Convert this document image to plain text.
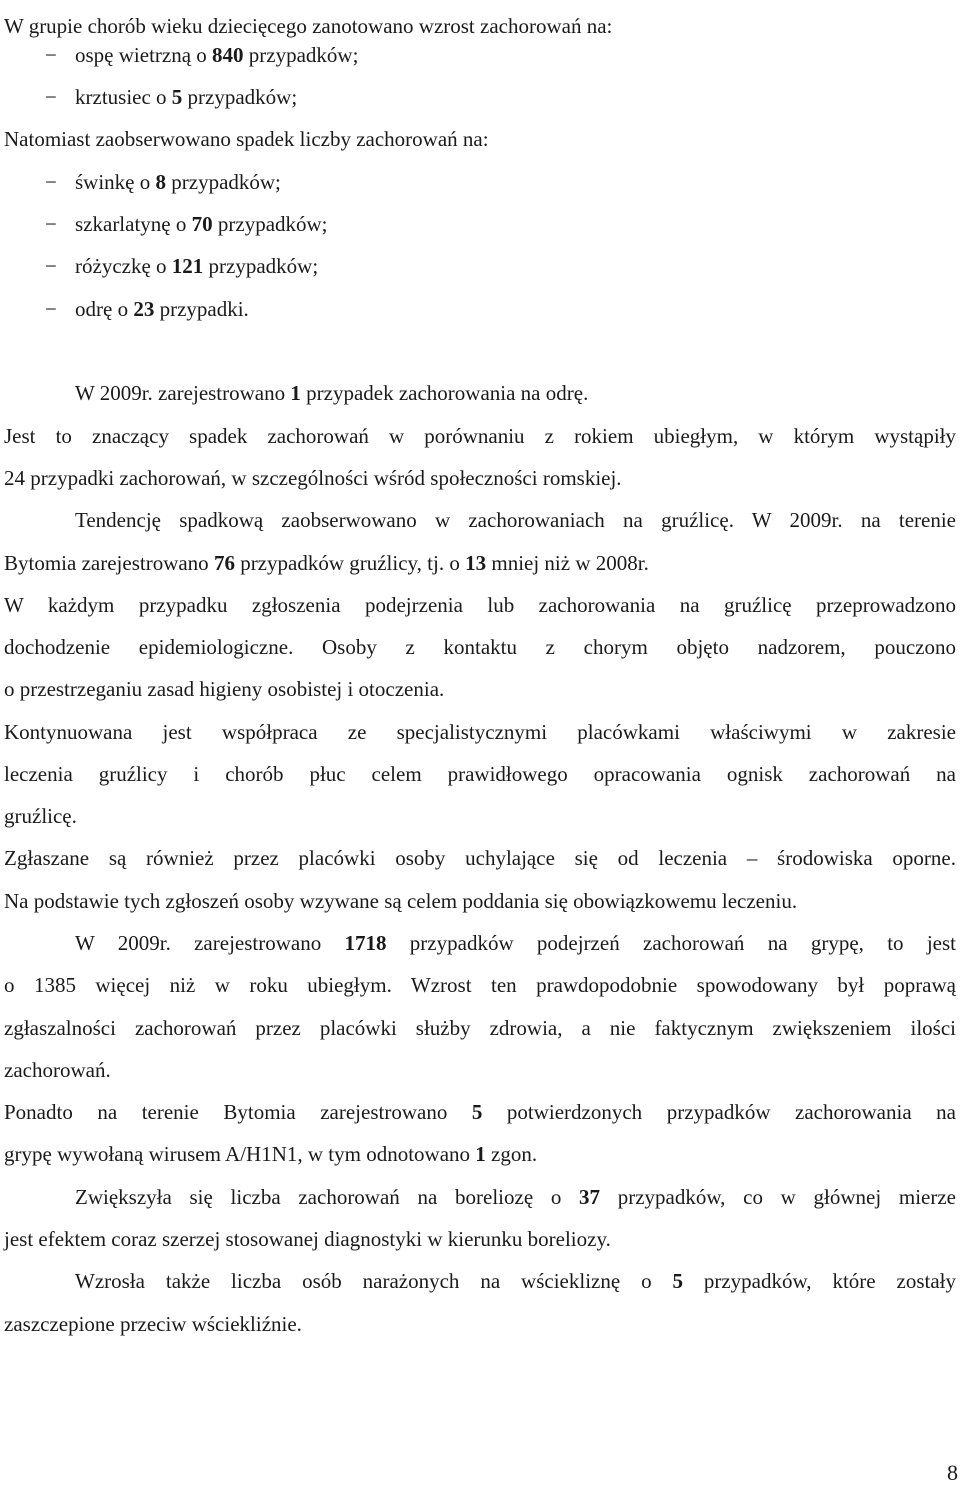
W grupie chorób wieku dziecięcego zanotowano wzrost zachorowań na:
− ospę wietrzną o 840 przypadków;
− krztusiec o 5 przypadków;
Natomiast zaobserwowano spadek liczby zachorowań na:
− świnkę o 8 przypadków;
− szkarlatynę o 70 przypadków;
− różyczkę o 121 przypadków;
− odrę o 23 przypadki.
W 2009r. zarejestrowano 1 przypadek zachorowania na odrę.
Jest to znaczący spadek zachorowań w porównaniu z rokiem ubiegłym, w którym wystąpiły
24 przypadki zachorowań, w szczególności wśród społeczności romskiej.
Tendencję spadkową zaobserwowano w zachorowaniach na gruźlicę. W 2009r. na terenie
Bytomia zarejestrowano 76 przypadków gruźlicy, tj. o 13 mniej niż w 2008r.
W każdym przypadku zgłoszenia podejrzenia lub zachorowania na gruźlicę przeprowadzono
dochodzenie epidemiologiczne. Osoby z kontaktu z chorym objęto nadzorem, pouczono
o przestrzeganiu zasad higieny osobistej i otoczenia.
Kontynuowana jest współpraca ze specjalistycznymi placówkami właściwymi w zakresie
leczenia gruźlicy i chorób płuc celem prawidłowego opracowania ognisk zachorowań na
gruźlicę.
Zgłaszane są również przez placówki osoby uchylające się od leczenia – środowiska oporne.
Na podstawie tych zgłoszeń osoby wzywane są celem poddania się obowiązkowemu leczeniu.
W 2009r. zarejestrowano 1718 przypadków podejrzeń zachorowań na grypę, to jest
o 1385 więcej niż w roku ubiegłym. Wzrost ten prawdopodobnie spowodowany był poprawą
zgłaszalności zachorowań przez placówki służby zdrowia, a nie faktycznym zwiększeniem ilości
zachorowań.
Ponadto na terenie Bytomia zarejestrowano 5 potwierdzonych przypadków zachorowania na
grypę wywołaną wirusem A/H1N1, w tym odnotowano 1 zgon.
Zwiększyła się liczba zachorowań na boreliozę o 37 przypadków, co w głównej mierze
jest efektem coraz szerzej stosowanej diagnostyki w kierunku boreliozy.
Wzrosła także liczba osób narażonych na wściekliznę o 5 przypadków, które zostały
zaszczepione przeciw wściekliźnie.
8
